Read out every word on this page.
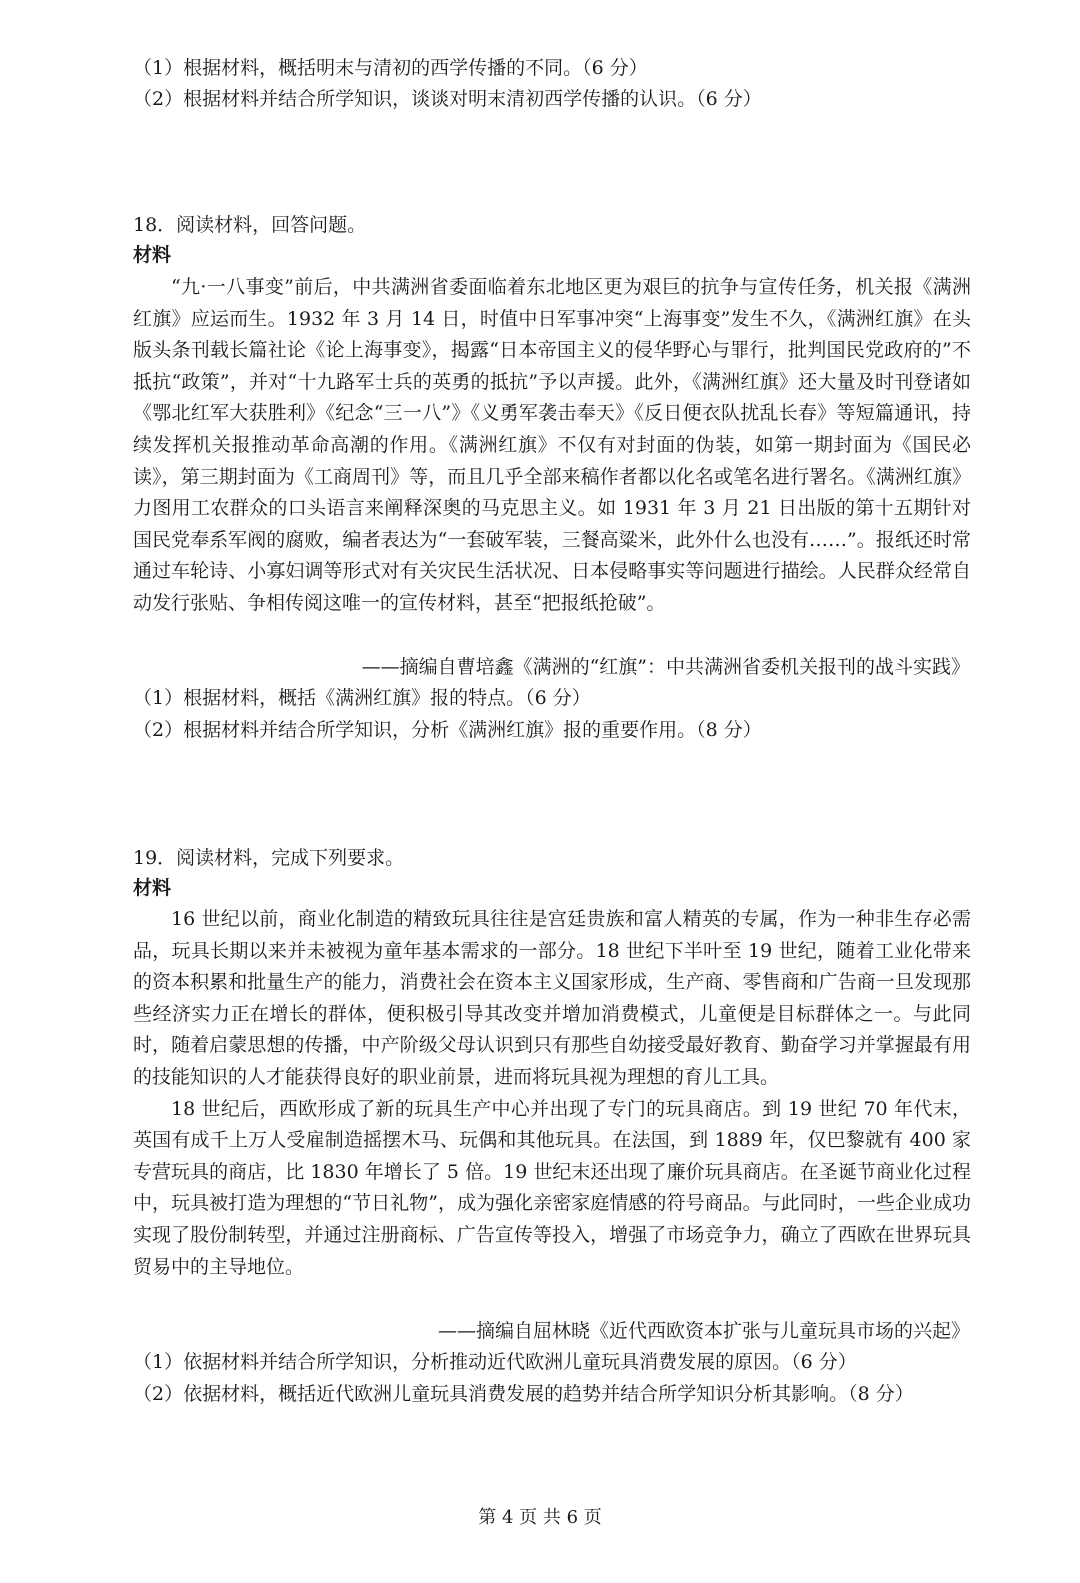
（1）根据材料，概括明末与清初的西学传播的不同。（6 分）
（2）根据材料并结合所学知识，谈谈对明末清初西学传播的认识。（6 分）
18．阅读材料，回答问题。
材料

“九·一八事变”前后，中共满洲省委面临着东北地区更为艰巨的抗争与宣传任务，机关报《满洲红旗》应运而生。1932 年 3 月 14 日，时值中日军事冲突“上海事变”发生不久，《满洲红旗》在头版头条刊载长篇社论《论上海事变》，揭露“日本帝国主义的侵华野心与罪行，批判国民党政府的”不抵抗“政策”，并对“十九路军士兵的英勇的抵抗”予以声援。此外，《满洲红旗》还大量及时刊登诸如《鄂北红军大获胜利》《纪念“三一八”》《义勇军袭击奉天》《反日便衣队扰乱长春》等短篇通讯，持续发挥机关报推动革命高潮的作用。《满洲红旗》不仅有对封面的伪装，如第一期封面为《国民必读》，第三期封面为《工商周刊》等，而且几乎全部来稿作者都以化名或笔名进行署名。《满洲红旗》力图用工农群众的口头语言来阐释深奥的马克思主义。如 1931 年 3 月 21 日出版的第十五期针对国民党奉系军阀的腐败，编者表达为“一套破军装，三餐高粱米，此外什么也没有……”。报纸还时常通过车轮诗、小寡妇调等形式对有关灾民生活状况、日本侵略事实等问题进行描绘。人民群众经常自动发行张贴、争相传阅这唯一的宣传材料，甚至“把报纸抢破”。

——摘编自曹培鑫《满洲的“红旗”：中共满洲省委机关报刊的战斗实践》
（1）根据材料，概括《满洲红旗》报的特点。（6 分）
（2）根据材料并结合所学知识，分析《满洲红旗》报的重要作用。（8 分）
19．阅读材料，完成下列要求。
材料

16 世纪以前，商业化制造的精致玩具往往是宫廷贵族和富人精英的专属，作为一种非生存必需品，玩具长期以来并未被视为童年基本需求的一部分。18 世纪下半叶至 19 世纪，随着工业化带来的资本积累和批量生产的能力，消费社会在资本主义国家形成，生产商、零售商和广告商一旦发现那些经济实力正在增长的群体，便积极引导其改变并增加消费模式，儿童便是目标群体之一。与此同时，随着启蒙思想的传播，中产阶级父母认识到只有那些自幼接受最好教育、勤奋学习并掌握最有用的技能知识的人才能获得良好的职业前景，进而将玩具视为理想的育儿工具。

18 世纪后，西欧形成了新的玩具生产中心并出现了专门的玩具商店。到 19 世纪 70 年代末，英国有成千上万人受雇制造摇摆木马、玩偶和其他玩具。在法国，到 1889 年，仅巴黎就有 400 家专营玩具的商店，比 1830 年增长了 5 倍。19 世纪末还出现了廉价玩具商店。在圣诞节商业化过程中，玩具被打造为理想的“节日礼物”，成为强化亲密家庭情感的符号商品。与此同时，一些企业成功实现了股份制转型，并通过注册商标、广告宣传等投入，增强了市场竞争力，确立了西欧在世界玩具贸易中的主导地位。

——摘编自屈林晓《近代西欧资本扩张与儿童玩具市场的兴起》
（1）依据材料并结合所学知识，分析推动近代欧洲儿童玩具消费发展的原因。（6 分）
（2）依据材料，概括近代欧洲儿童玩具消费发展的趋势并结合所学知识分析其影响。（8 分）
第 4 页 共 6 页
